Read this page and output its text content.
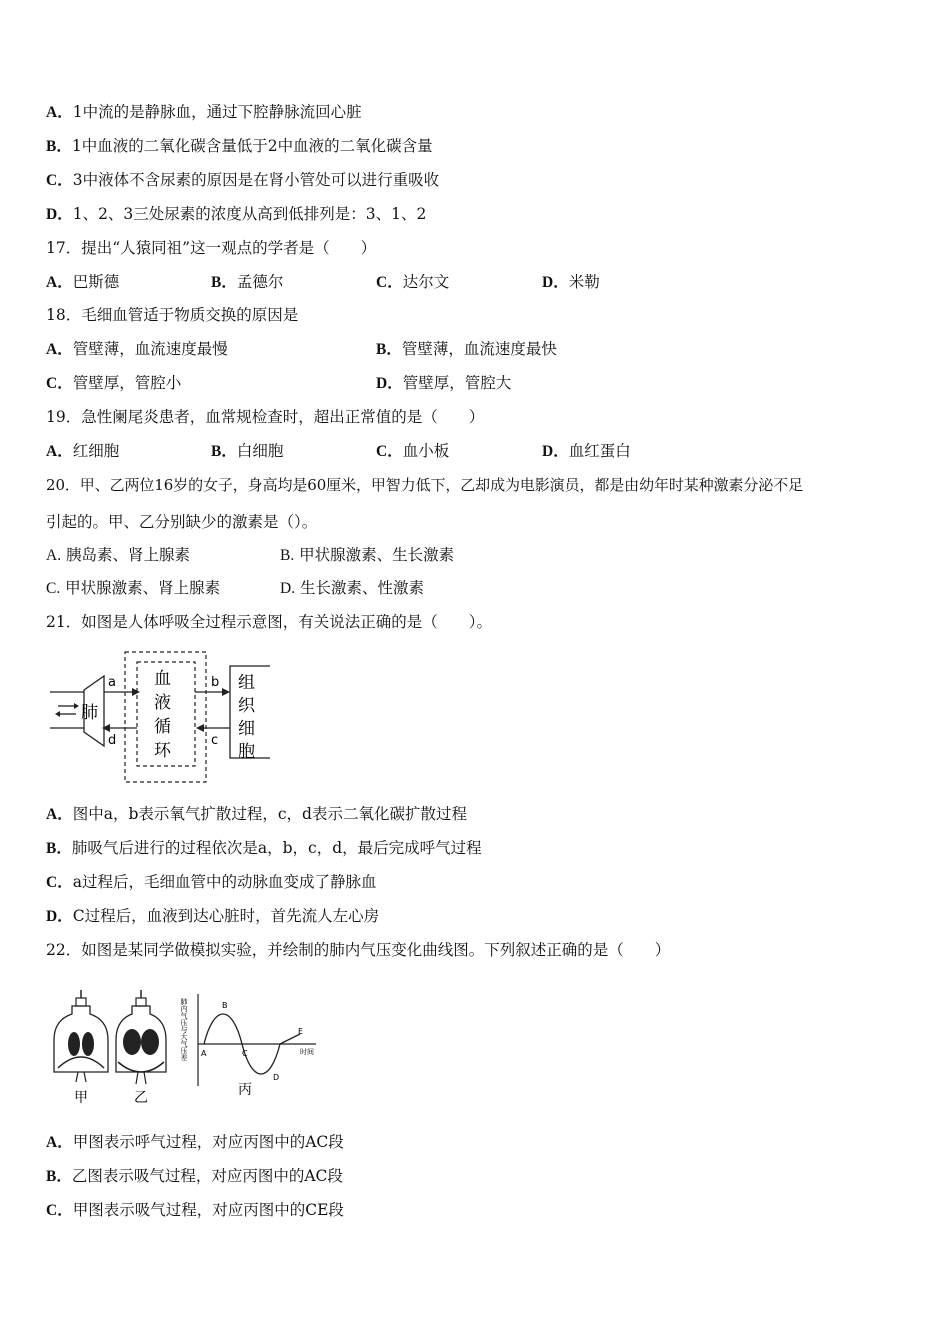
A．1中流的是静脉血，通过下腔静脉流回心脏
B．1中血液的二氧化碳含量低于2中血液的二氧化碳含量
C．3中液体不含尿素的原因是在肾小管处可以进行重吸收
D．1、2、3三处尿素的浓度从高到低排列是：3、1、2
17．提出“人猿同祖”这一观点的学者是（　　）
A．巴斯德	B．孟德尔	C．达尔文	D．米勒
18．毛细血管适于物质交换的原因是
A．管壁薄，血流速度最慢	B．管壁薄，血流速度最快
C．管壁厚，管腔小	D．管壁厚，管腔大
19．急性阑尾炎患者，血常规检查时，超出正常值的是（　　）
A．红细胞	B．白细胞	C．血小板	D．血红蛋白
20．甲、乙两位16岁的女子，身高均是60厘米，甲智力低下，乙却成为电影演员，都是由幼年时某种激素分泌不足
引起的。甲、乙分别缺少的激素是（）。
A. 胰岛素、肾上腺素	B. 甲状腺激素、生长激素
C. 甲状腺激素、肾上腺素	D. 生长激素、性激素
21．如图是人体呼吸全过程示意图，有关说法正确的是（　　）。
肺
血
液
循
环
组
织
细
胞
a
d
b
c
A．图中a，b表示氧气扩散过程，c，d表示二氧化碳扩散过程
B．肺吸气后进行的过程依次是a，b，c，d，最后完成呼气过程
C．a过程后，毛细血管中的动脉血变成了静脉血
D．C过程后，血液到达心脏时，首先流人左心房
22．如图是某同学做模拟实验，并绘制的肺内气压变化曲线图。下列叙述正确的是（　　）
甲	乙
肺内气压与大气压差	时间
A
B
C
D
E
丙
A．甲图表示呼气过程，对应丙图中的AC段
B．乙图表示吸气过程，对应丙图中的AC段
C．甲图表示吸气过程，对应丙图中的CE段
